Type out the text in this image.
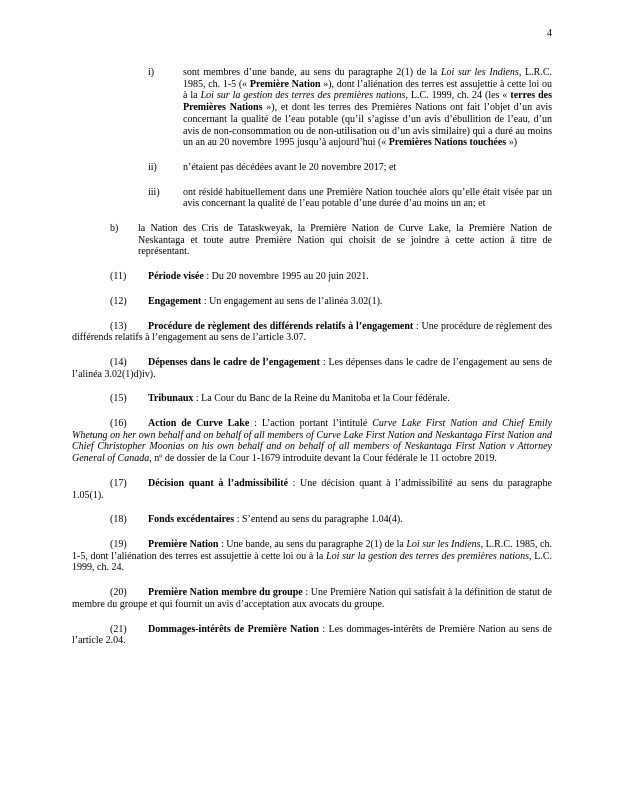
4
i)	sont membres d’une bande, au sens du paragraphe 2(1) de la Loi sur les Indiens, L.R.C. 1985, ch. 1-5 (« Première Nation »), dont l’aliénation des terres est assujettie à cette loi ou à la Loi sur la gestion des terres des premières nations, L.C. 1999, ch. 24 (les « terres des Premières Nations »), et dont les terres des Premières Nations ont fait l’objet d’un avis concernant la qualité de l’eau potable (qu’il s’agisse d’un avis d’ébullition de l’eau, d’un avis de non-consommation ou de non-utilisation ou d’un avis similaire) qui a duré au moins un an au 20 novembre 1995 jusqu’à aujourd’hui (« Premières Nations touchées »)
ii)	n’étaient pas décédées avant le 20 novembre 2017; et
iii) ont résidé habituellement dans une Première Nation touchée alors qu’elle était visée par un avis concernant la qualité de l’eau potable d’une durée d’au moins un an; et
b) la Nation des Cris de Tataskweyak, la Première Nation de Curve Lake, la Première Nation de Neskantaga et toute autre Première Nation qui choisit de se joindre à cette action à titre de représentant.
(11) Période visée : Du 20 novembre 1995 au 20 juin 2021.
(12) Engagement : Un engagement au sens de l’alinéa 3.02(1).
(13) Procédure de règlement des différends relatifs à l’engagement : Une procédure de règlement des différends relatifs à l’engagement au sens de l’article 3.07.
(14) Dépenses dans le cadre de l’engagement : Les dépenses dans le cadre de l’engagement au sens de l’alinéa 3.02(1)d)iv).
(15) Tribunaux : La Cour du Banc de la Reine du Manitoba et la Cour fédérale.
(16) Action de Curve Lake : L’action portant l’intitulé Curve Lake First Nation and Chief Emily Whetung on her own behalf and on behalf of all members of Curve Lake First Nation and Neskantaga First Nation and Chief Christopher Moonias on his own behalf and on behalf of all members of Neskantaga First Nation v Attorney General of Canada, nº de dossier de la Cour 1-1679 introduite devant la Cour fédérale le 11 octobre 2019.
(17) Décision quant à l’admissibilité : Une décision quant à l’admissibilité au sens du paragraphe 1.05(1).
(18) Fonds excédentaires : S’entend au sens du paragraphe 1.04(4).
(19) Première Nation : Une bande, au sens du paragraphe 2(1) de la Loi sur les Indiens, L.R.C. 1985, ch. 1-5, dont l’aliénation des terres est assujettie à cette loi ou à la Loi sur la gestion des terres des premières nations, L.C. 1999, ch. 24.
(20) Première Nation membre du groupe : Une Première Nation qui satisfait à la définition de statut de membre du groupe et qui fournit un avis d’acceptation aux avocats du groupe.
(21) Dommages-intérêts de Première Nation : Les dommages-intérêts de Première Nation au sens de l’article 2.04.
